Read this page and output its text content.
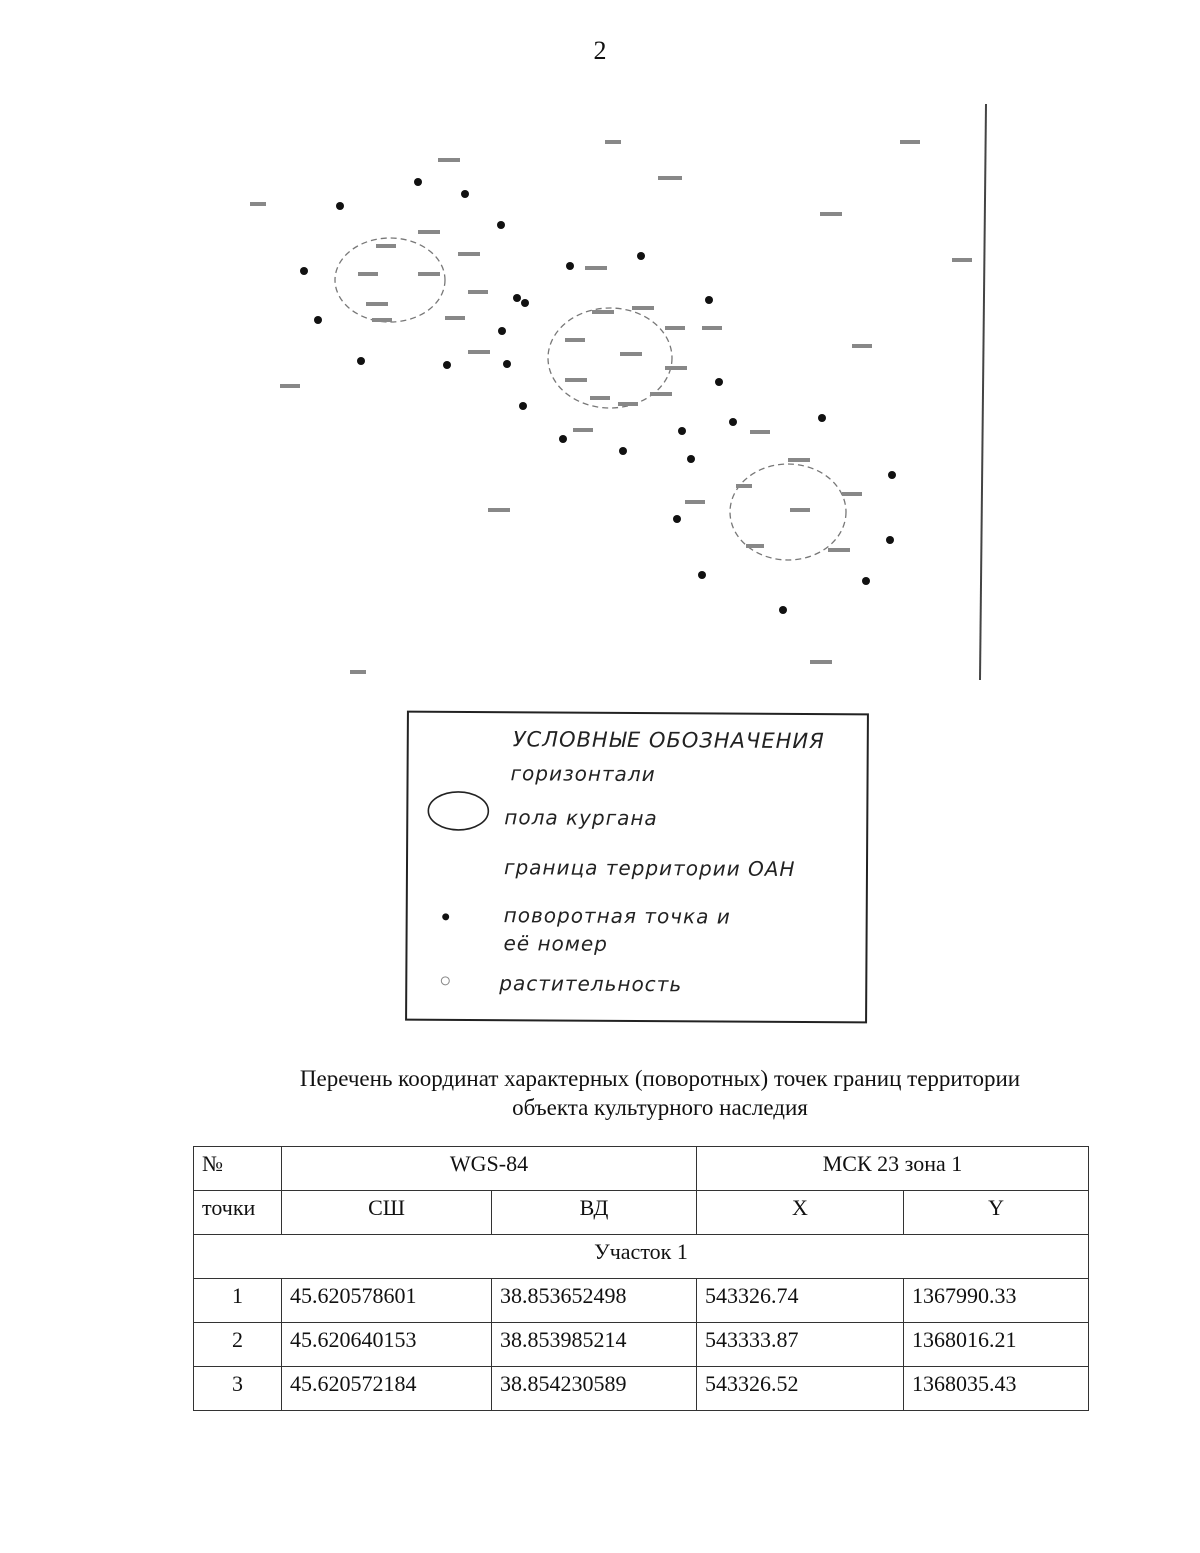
2
УСЛОВНЫЕ ОБОЗНАЧЕНИЯ
горизонтали
пола кургана
граница территории ОАН
поворотная точка и
её номер
растительность
Перечень координат характерных (поворотных) точек границ территории
объекта культурного наследия
№	WGS-84		МСК 23 зона 1	
точки	СШ	ВД	X	Y
Участок 1				
1	45.620578601	38.853652498	543326.74	1367990.33
2	45.620640153	38.853985214	543333.87	1368016.21
3	45.620572184	38.854230589	543326.52	1368035.43
